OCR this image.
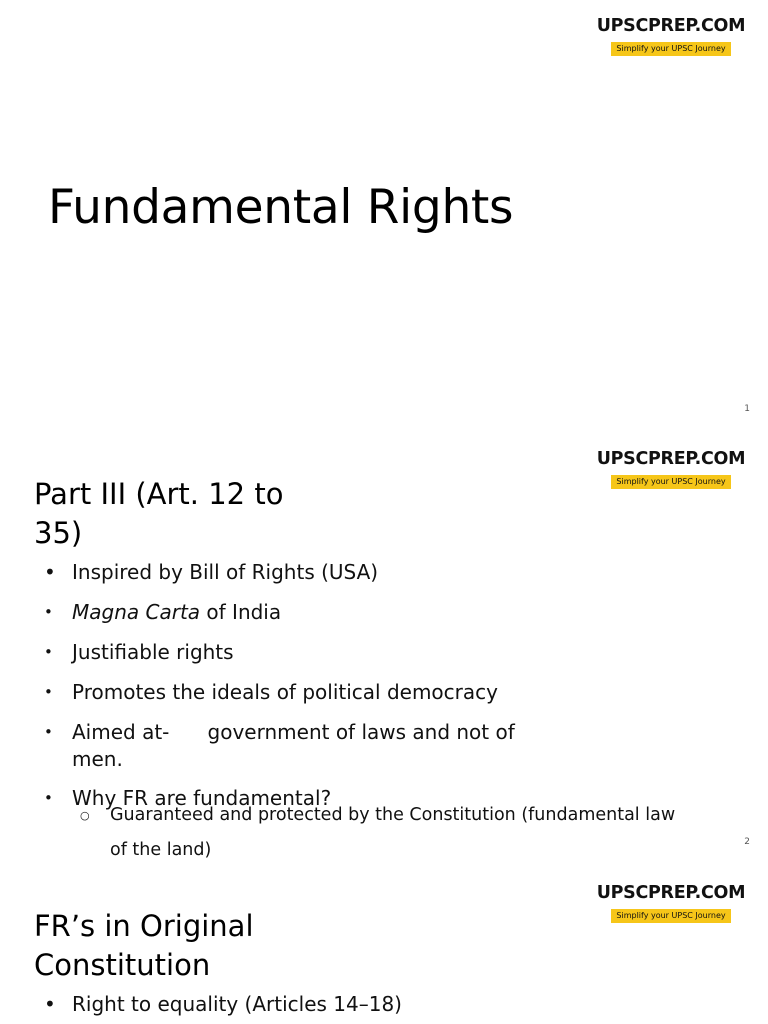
UPSCPREP.COM
Simplify your UPSC Journey
Fundamental Rights
1
UPSCPREP.COM
Simplify your UPSC Journey
Part III (Art. 12 to 35)
• Inspired by Bill of Rights (USA)
• Magna Carta of India
• Justifiable rights
• Promotes the ideals of political democracy
• Aimed at-      government of laws and not of men.
• Why FR are fundamental?
○	Guaranteed and protected by the Constitution (fundamental law of the land)	2
UPSCPREP.COM
Simplify your UPSC Journey
FR’s in Original Constitution
• Right to equality (Articles 14–18)
